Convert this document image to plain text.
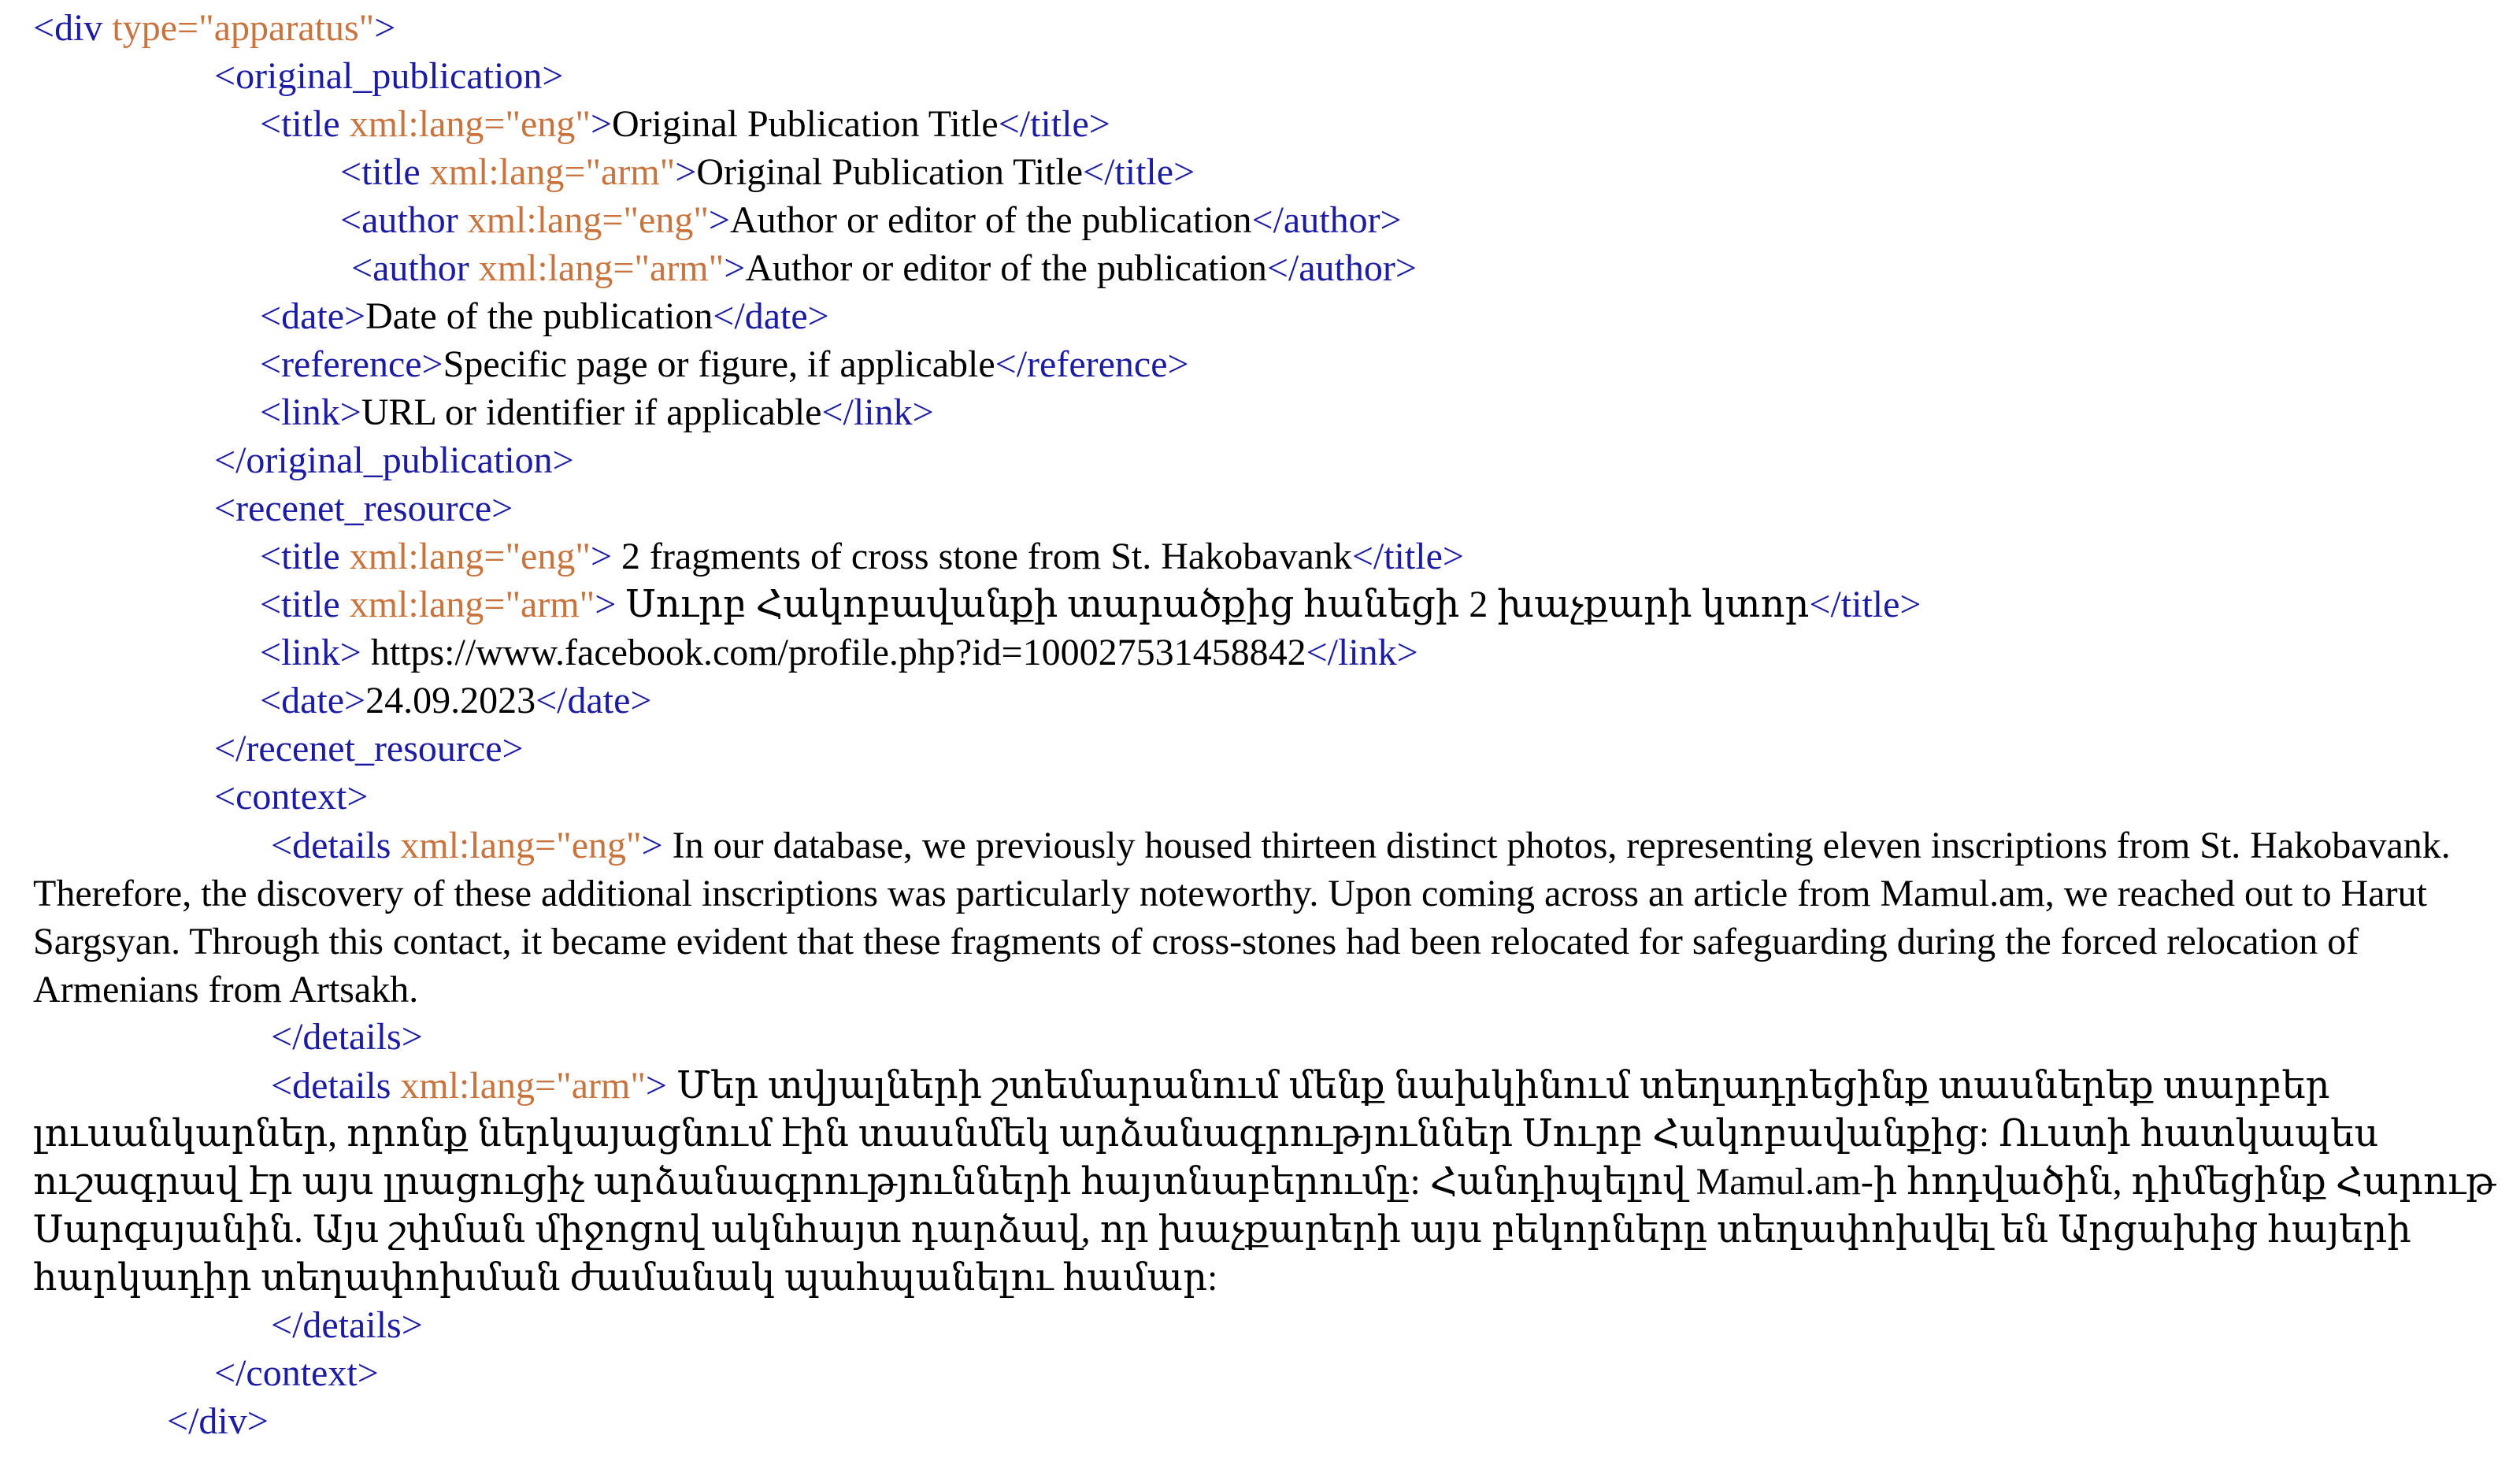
<div type="apparatus">
<original_publication>
<title xml:lang="eng">Original Publication Title</title>
<title xml:lang="arm">Original Publication Title</title>
<author xml:lang="eng">Author or editor of the publication</author>
<author xml:lang="arm">Author or editor of the publication</author>
<date>Date of the publication</date>
<reference>Specific page or figure, if applicable</reference>
<link>URL or identifier if applicable</link>
</original_publication>
<recenet_resource>
<title xml:lang="eng"> 2 fragments of cross stone from St. Hakobavank</title>
<title xml:lang="arm"> Սուրբ Հակոբավանքի տարածքից հանեցի 2 խաչքարի կտոր</title>
<link> https://www.facebook.com/profile.php?id=100027531458842</link>
<date>24.09.2023</date>
</recenet_resource>
<context>
<details xml:lang="eng"> In our database, we previously housed thirteen distinct photos, representing eleven inscriptions from St. Hakobavank. Therefore, the discovery of these additional inscriptions was particularly noteworthy. Upon coming across an article from Mamul.am, we reached out to Harut Sargsyan. Through this contact, it became evident that these fragments of cross-stones had been relocated for safeguarding during the forced relocation of Armenians from Artsakh.
</details>
<details xml:lang="arm"> Մեր տվյալների շտեմարանում մենք նախկինում տեղադրեցինք տասներեք տարբեր լուսանկարներ, որոնք ներկայացնում էին տասնմեկ արձանագրություններ Սուրբ Հակոբավանքից: Ուստի հատկապես ուշագրավ էր այս լրացուցիչ արձանագրությունների հայտնաբերումը: Հանդիպելով Mamul.am-ի հոդվածին, դիմեցինք Հարութ Սարգսյանին. Այս շփման միջոցով ակնհայտ դարձավ, որ խաչքարերի այս բեկորները տեղափոխվել են Արցախից հայերի հարկադիր տեղափոխման ժամանակ պահպանելու համար:
</details>
</context>
</div>
